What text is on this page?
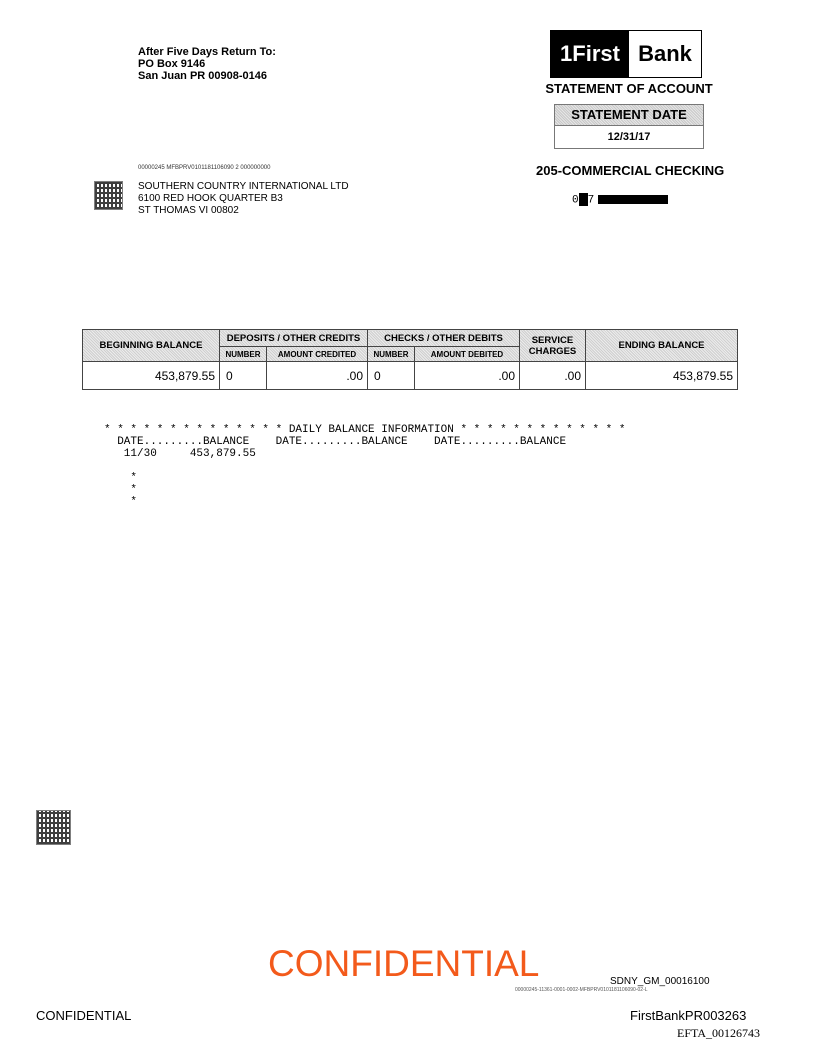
After Five Days Return To:
PO Box 9146
San Juan PR 00908-0146
1First Bank
STATEMENT OF ACCOUNT
STATEMENT DATE
12/31/17
205-COMMERCIAL CHECKING
0 7
00000245 MFBPRV0101181106090 2 000000000
SOUTHERN COUNTRY INTERNATIONAL LTD
6100 RED HOOK QUARTER B3
ST THOMAS VI 00802
BEGINNING BALANCE	DEPOSITS / OTHER CREDITS		CHECKS / OTHER DEBITS		SERVICE CHARGES	ENDING BALANCE
	NUMBER	AMOUNT CREDITED	NUMBER	AMOUNT DEBITED		
453,879.55	0	.00	0	.00	.00	453,879.55
* * * * * * * * * * * * * * DAILY BALANCE INFORMATION * * * * * * * * * * * * *
DATE.........BALANCE    DATE.........BALANCE    DATE.........BALANCE
11/30     453,879.55

*
*
*
CONFIDENTIAL	SDNY_GM_00016100
00000245-11361-0001-0002-MFBPRV0101181106090-02-L
CONFIDENTIAL	FirstBankPR003263
EFTA_00126743
